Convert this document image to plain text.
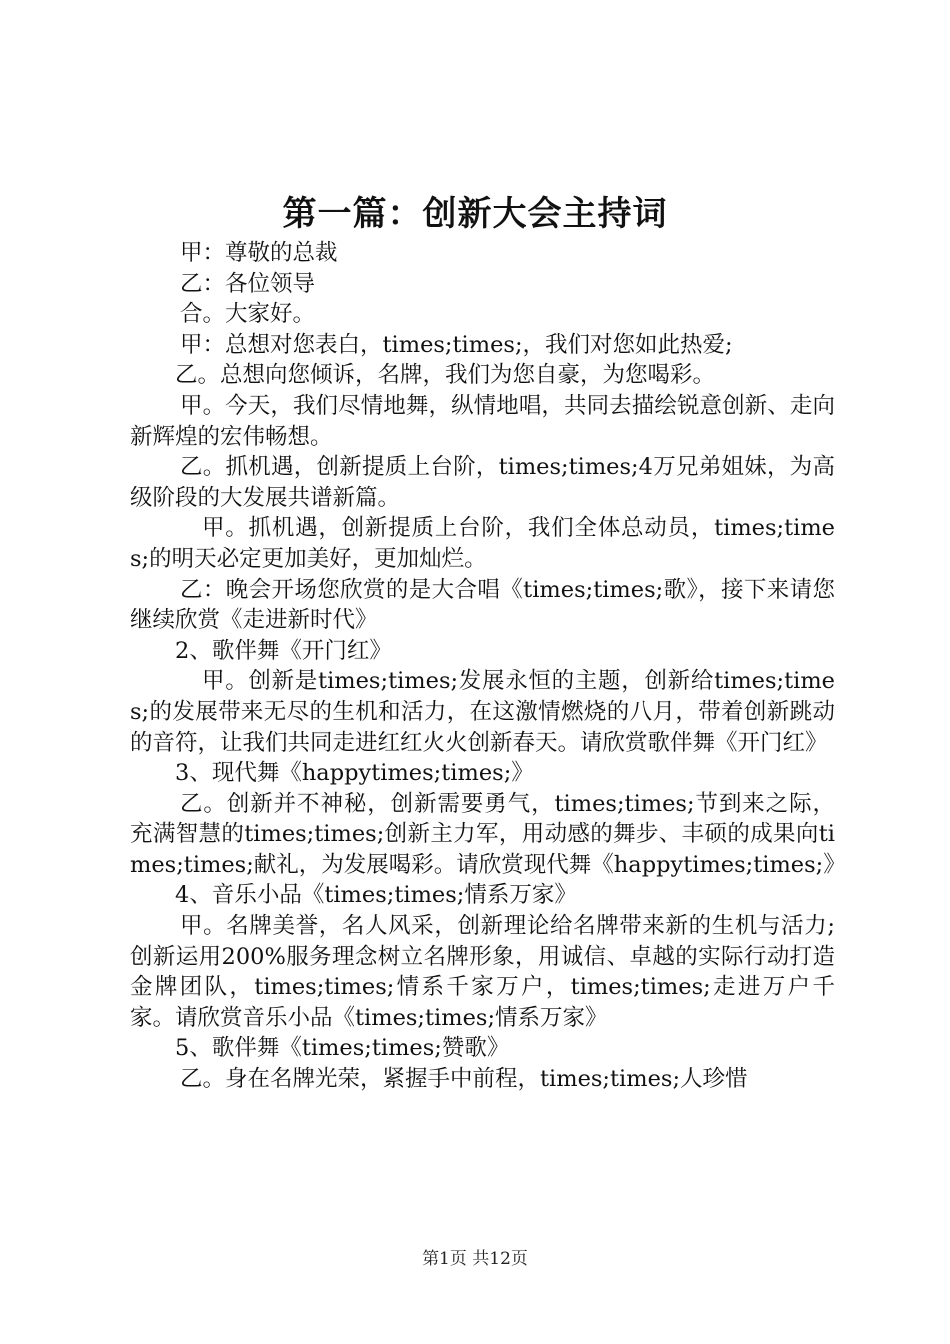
第一篇：创新大会主持词

甲：尊敬的总裁

乙：各位领导

合。大家好。

甲：总想对您表白，times;times;，我们对您如此热爱;

乙。总想向您倾诉，名牌，我们为您自豪，为您喝彩。

甲。今天，我们尽情地舞，纵情地唱，共同去描绘锐意创新、走向新辉煌的宏伟畅想。

乙。抓机遇，创新提质上台阶，times;times;4万兄弟姐妹，为高级阶段的大发展共谱新篇。

甲。抓机遇，创新提质上台阶，我们全体总动员，times;times;的明天必定更加美好，更加灿烂。

乙：晚会开场您欣赏的是大合唱《times;times;歌》，接下来请您继续欣赏《走进新时代》

2、歌伴舞《开门红》

甲。创新是times;times;发展永恒的主题，创新给times;times;的发展带来无尽的生机和活力，在这激情燃烧的八月，带着创新跳动的音符，让我们共同走进红红火火创新春天。请欣赏歌伴舞《开门红》

3、现代舞《happytimes;times;》

乙。创新并不神秘，创新需要勇气，times;times;节到来之际，充满智慧的times;times;创新主力军，用动感的舞步、丰硕的成果向times;times;献礼，为发展喝彩。请欣赏现代舞《happytimes;times;》

4、音乐小品《times;times;情系万家》

甲。名牌美誉，名人风采，创新理论给名牌带来新的生机与活力;创新运用200%服务理念树立名牌形象，用诚信、卓越的实际行动打造金牌团队，times;times;情系千家万户，times;times;走进万户千家。请欣赏音乐小品《times;times;情系万家》

5、歌伴舞《times;times;赞歌》

乙。身在名牌光荣，紧握手中前程，times;times;人珍惜

第1页 共12页
